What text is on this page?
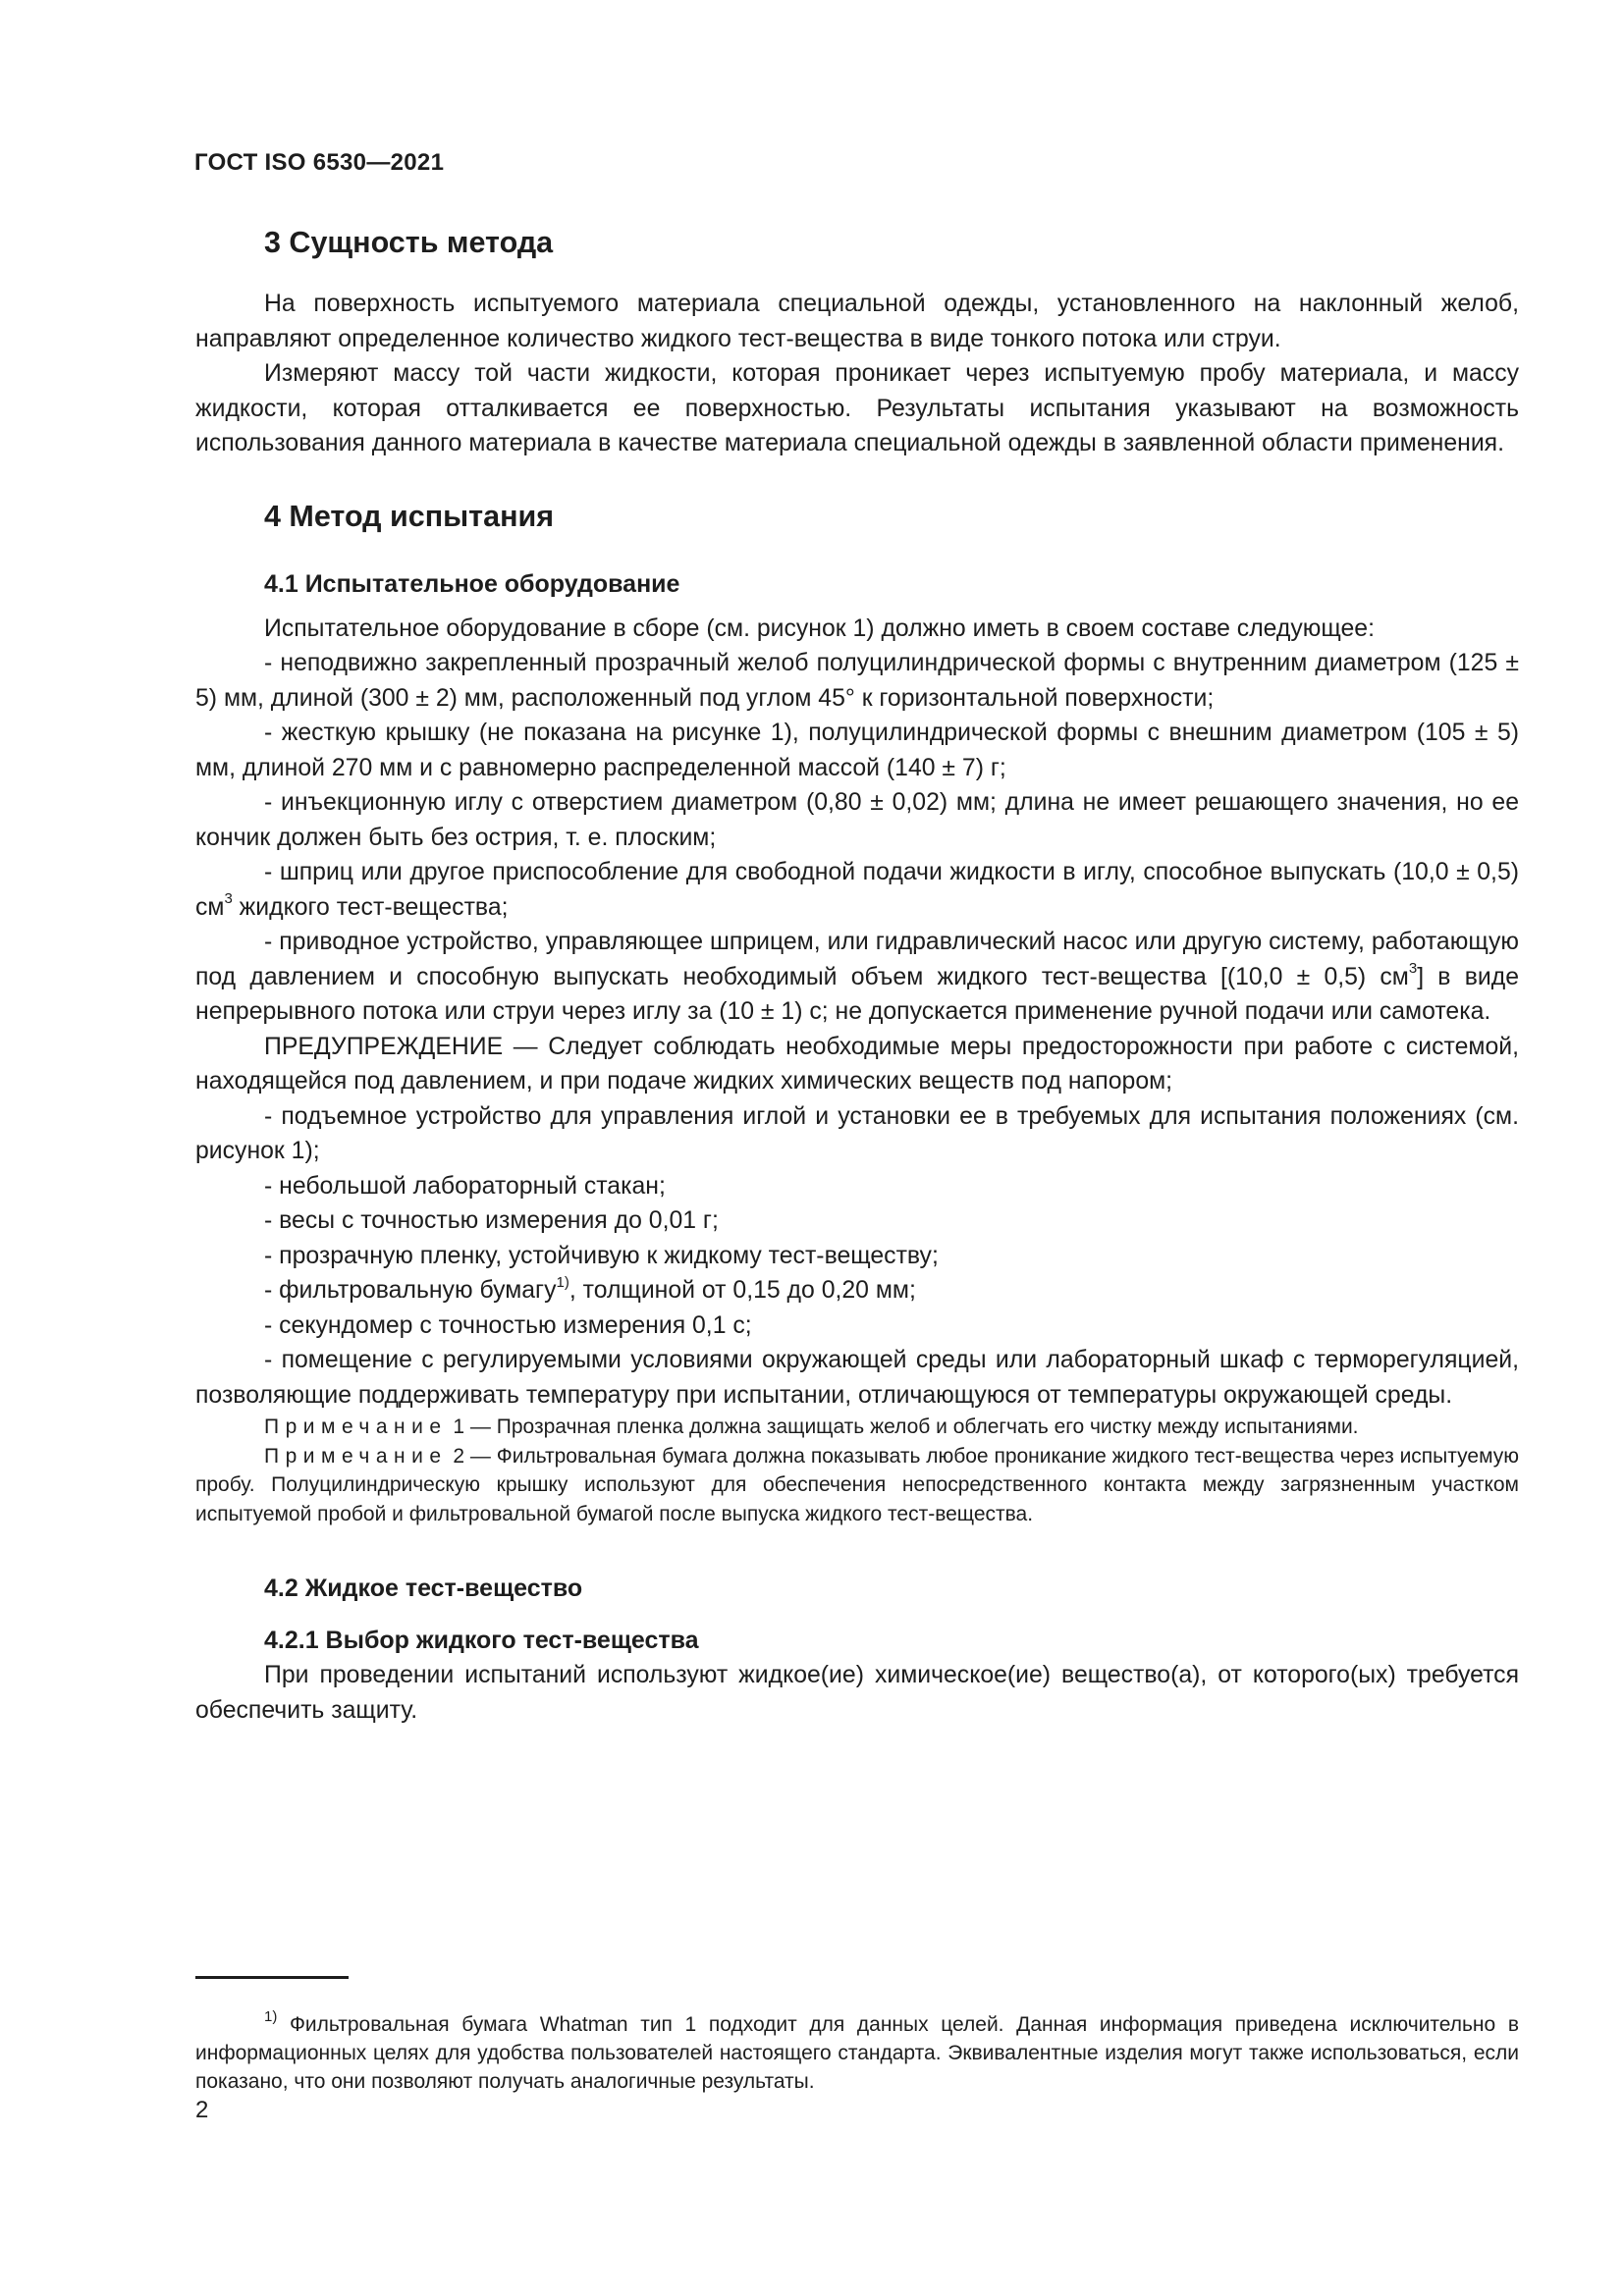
ГОСТ ISO 6530—2021
3 Сущность метода

На поверхность испытуемого материала специальной одежды, установленного на наклонный желоб, направляют определенное количество жидкого тест-вещества в виде тонкого потока или струи.

Измеряют массу той части жидкости, которая проникает через испытуемую пробу материала, и массу жидкости, которая отталкивается ее поверхностью. Результаты испытания указывают на возможность использования данного материала в качестве материала специальной одежды в заявленной области применения.

4 Метод испытания
4.1 Испытательное оборудование

Испытательное оборудование в сборе (см. рисунок 1) должно иметь в своем составе следующее:

- неподвижно закрепленный прозрачный желоб полуцилиндрической формы с внутренним диаметром (125 ± 5) мм, длиной (300 ± 2) мм, расположенный под углом 45° к горизонтальной поверхности;

- жесткую крышку (не показана на рисунке 1), полуцилиндрической формы с внешним диаметром (105 ± 5) мм, длиной 270 мм и с равномерно распределенной массой (140 ± 7) г;

- инъекционную иглу с отверстием диаметром (0,80 ± 0,02) мм; длина не имеет решающего значения, но ее кончик должен быть без острия, т. е. плоским;

- шприц или другое приспособление для свободной подачи жидкости в иглу, способное выпускать (10,0 ± 0,5) $см^3$ жидкого тест-вещества;

- приводное устройство, управляющее шприцем, или гидравлический насос или другую систему, работающую под давлением и способную выпускать необходимый объем жидкого тест-вещества [(10,0 ± 0,5) $см^3$] в виде непрерывного потока или струи через иглу за (10 ± 1) с; не допускается применение ручной подачи или самотека.

ПРЕДУПРЕЖДЕНИЕ — Следует соблюдать необходимые меры предосторожности при работе с системой, находящейся под давлением, и при подаче жидких химических веществ под напором;

- подъемное устройство для управления иглой и установки ее в требуемых для испытания положениях (см. рисунок 1);

- небольшой лабораторный стакан;

- весы с точностью измерения до 0,01 г;

- прозрачную пленку, устойчивую к жидкому тест-веществу;

- фильтровальную бумагу$^{1)}$, толщиной от 0,15 до 0,20 мм;

- секундомер с точностью измерения 0,1 с;

- помещение с регулируемыми условиями окружающей среды или лабораторный шкаф с терморегуляцией, позволяющие поддерживать температуру при испытании, отличающуюся от температуры окружающей среды.

Примечание 1 — Прозрачная пленка должна защищать желоб и облегчать его чистку между испытаниями.

Примечание 2 — Фильтровальная бумага должна показывать любое проникание жидкого тест-вещества через испытуемую пробу. Полуцилиндрическую крышку используют для обеспечения непосредственного контакта между загрязненным участком испытуемой пробой и фильтровальной бумагой после выпуска жидкого тест-вещества.

4.2 Жидкое тест-вещество
4.2.1 Выбор жидкого тест-вещества

При проведении испытаний используют жидкое(ие) химическое(ие) вещество(а), от которого(ых) требуется обеспечить защиту.

$^{1)}$ Фильтровальная бумага Whatman тип 1 подходит для данных целей. Данная информация приведена исключительно в информационных целях для удобства пользователей настоящего стандарта. Эквивалентные изделия могут также использоваться, если показано, что они позволяют получать аналогичные результаты.

2
